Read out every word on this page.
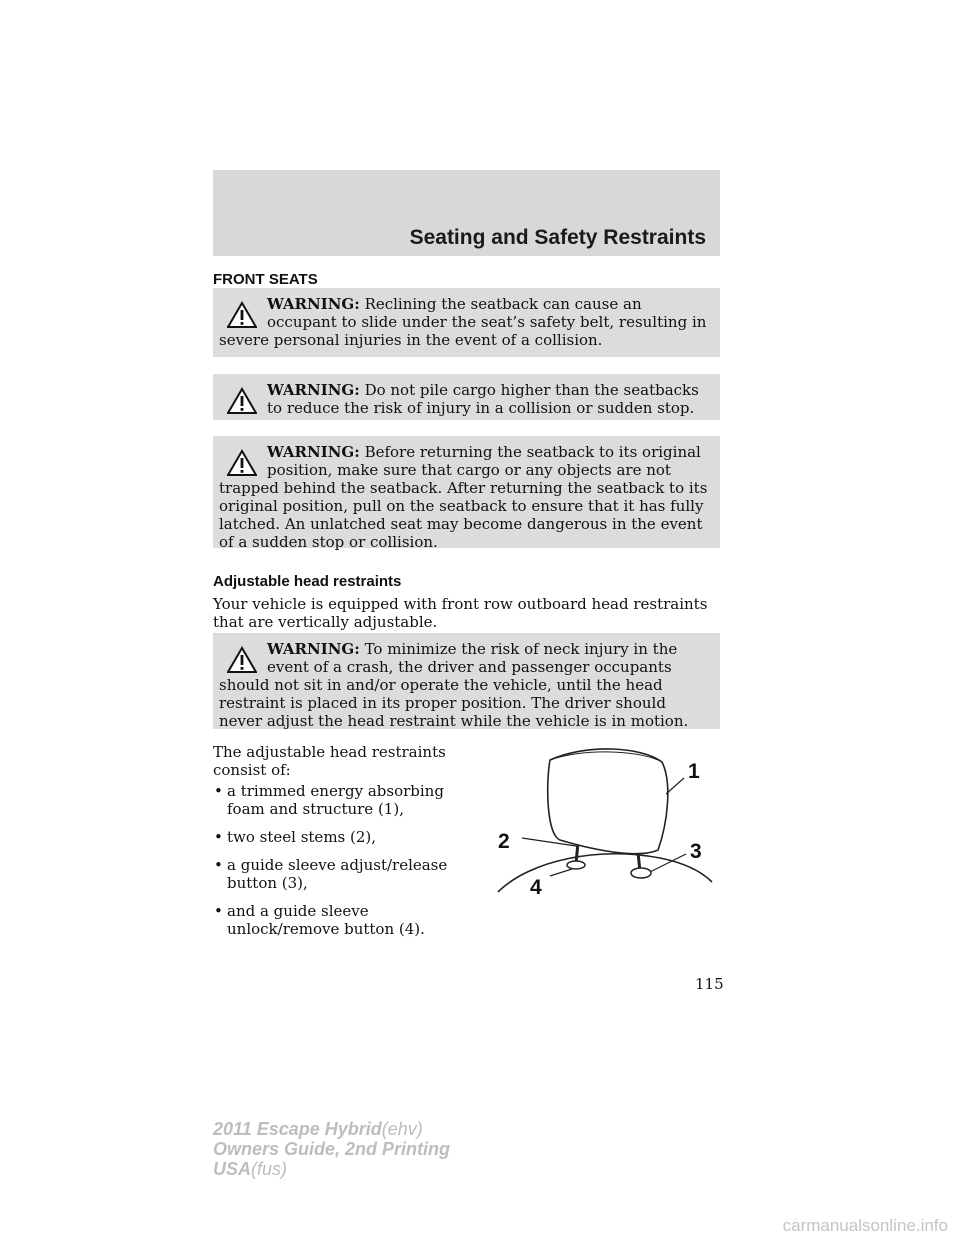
Seating and Safety Restraints
FRONT SEATS
WARNING: Reclining the seatback can cause an occupant to slide under the seat’s safety belt, resulting in severe personal injuries in the event of a collision.
WARNING: Do not pile cargo higher than the seatbacks to reduce the risk of injury in a collision or sudden stop.
WARNING: Before returning the seatback to its original position, make sure that cargo or any objects are not trapped behind the seatback. After returning the seatback to its original position, pull on the seatback to ensure that it has fully latched. An unlatched seat may become dangerous in the event of a sudden stop or collision.
Adjustable head restraints
Your vehicle is equipped with front row outboard head restraints that are vertically adjustable.
WARNING: To minimize the risk of neck injury in the event of a crash, the driver and passenger occupants should not sit in and/or operate the vehicle, until the head restraint is placed in its proper position. The driver should never adjust the head restraint while the vehicle is in motion.
The adjustable head restraints consist of:
• a trimmed energy absorbing foam and structure (1),
• two steel stems (2),
• a guide sleeve adjust/release button (3),
• and a guide sleeve unlock/remove button (4).
1
2	3
4
115
2011 Escape Hybrid(ehv)
Owners Guide, 2nd Printing
USA(fus)
carmanualsonline.info
